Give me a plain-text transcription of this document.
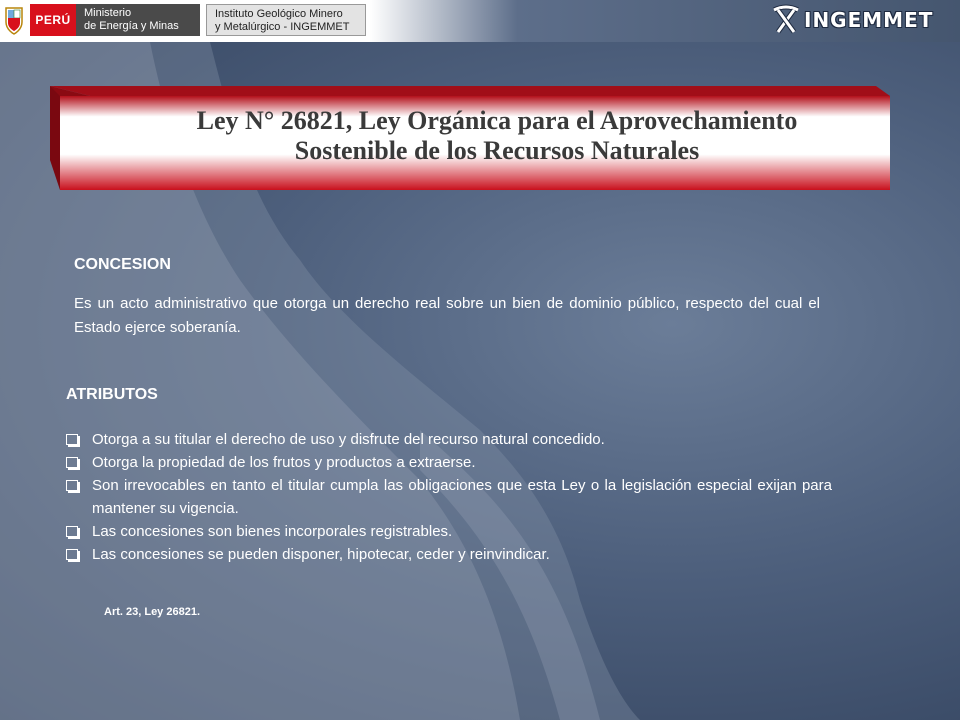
PERÚ	Ministerio
de Energía y Minas
Instituto Geológico Minero
y Metalúrgico - INGEMMET	INGEMMET
Ley N° 26821, Ley Orgánica para el Aprovechamiento
Sostenible de los Recursos Naturales
CONCESION
Es un acto administrativo que otorga un derecho real sobre un bien de dominio público, respecto del cual el Estado ejerce soberanía.
ATRIBUTOS
Otorga a su titular el derecho de uso y disfrute del recurso natural concedido.
Otorga la propiedad de los frutos y productos a extraerse.
Son irrevocables en tanto el titular cumpla las obligaciones que esta Ley o la legislación especial exijan para mantener su vigencia.
Las concesiones son bienes incorporales registrables.
Las concesiones se pueden disponer, hipotecar, ceder y reinvindicar.
Art. 23, Ley 26821.
